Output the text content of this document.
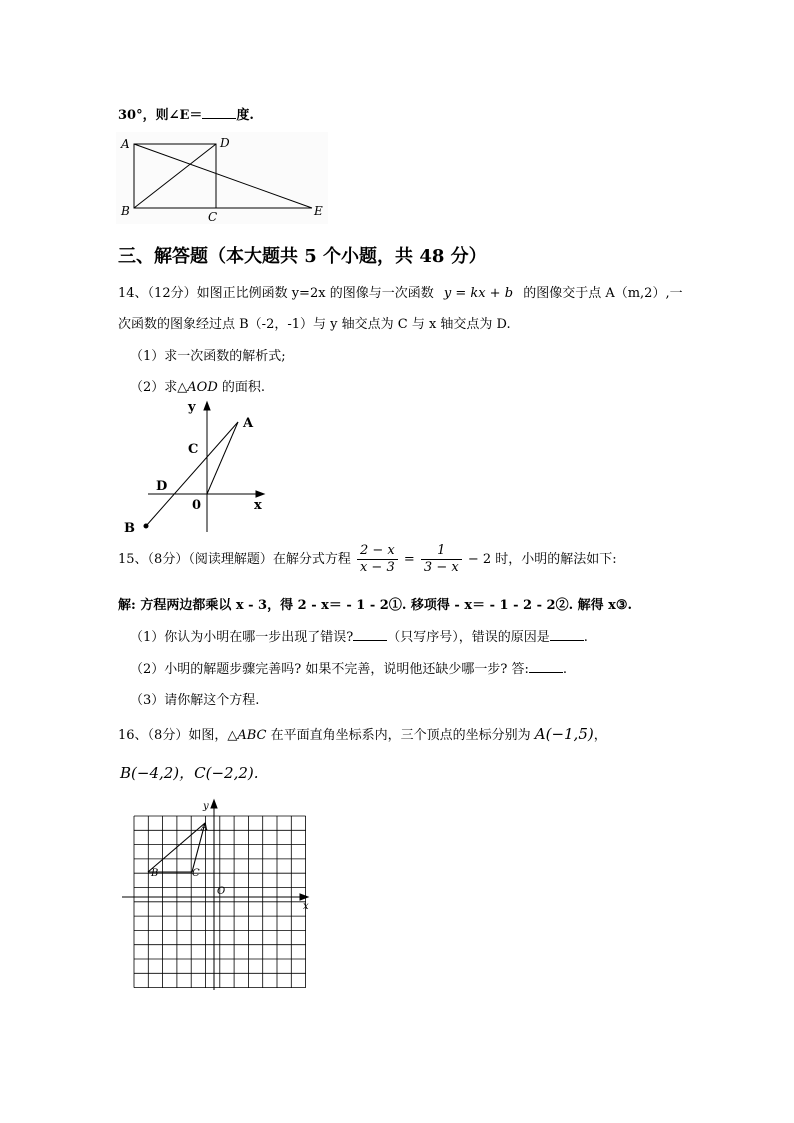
30°，则∠E＝	度.
A	D
B	C	E
三、解答题（本大题共 5 个小题，共 48 分）
14、（12分）如图正比例函数 y=2x 的图像与一次函数 y = kx + b 的图像交于点 A（m,2）,一
次函数的图象经过点 B（-2，-1）与 y 轴交点为 C 与 x 轴交点为 D.
（1）求一次函数的解析式;
（2）求△AOD 的面积.
y
A
C
D
0	x
B
15、（8分）（阅读理解题）在解分式方程 $\frac{2 - x}{x - 3} = \frac{1}{3 - x} - 2$ 时，小明的解法如下:
解: 方程两边都乘以 x - 3，得 2 - x＝ - 1 - 2①. 移项得 - x＝ - 1 - 2 - 2②. 解得 x③.
（1）你认为小明在哪一步出现了错误?	（只写序号），错误的原因是	.
（2）小明的解题步骤完善吗? 如果不完善，说明他还缺少哪一步? 答:	.
（3）请你解这个方程.
16、（8分）如图，△ABC 在平面直角坐标系内，三个顶点的坐标分别为 A(−1,5)，
B(−4,2)，C(−2,2).
y
A
B	C
O
x
